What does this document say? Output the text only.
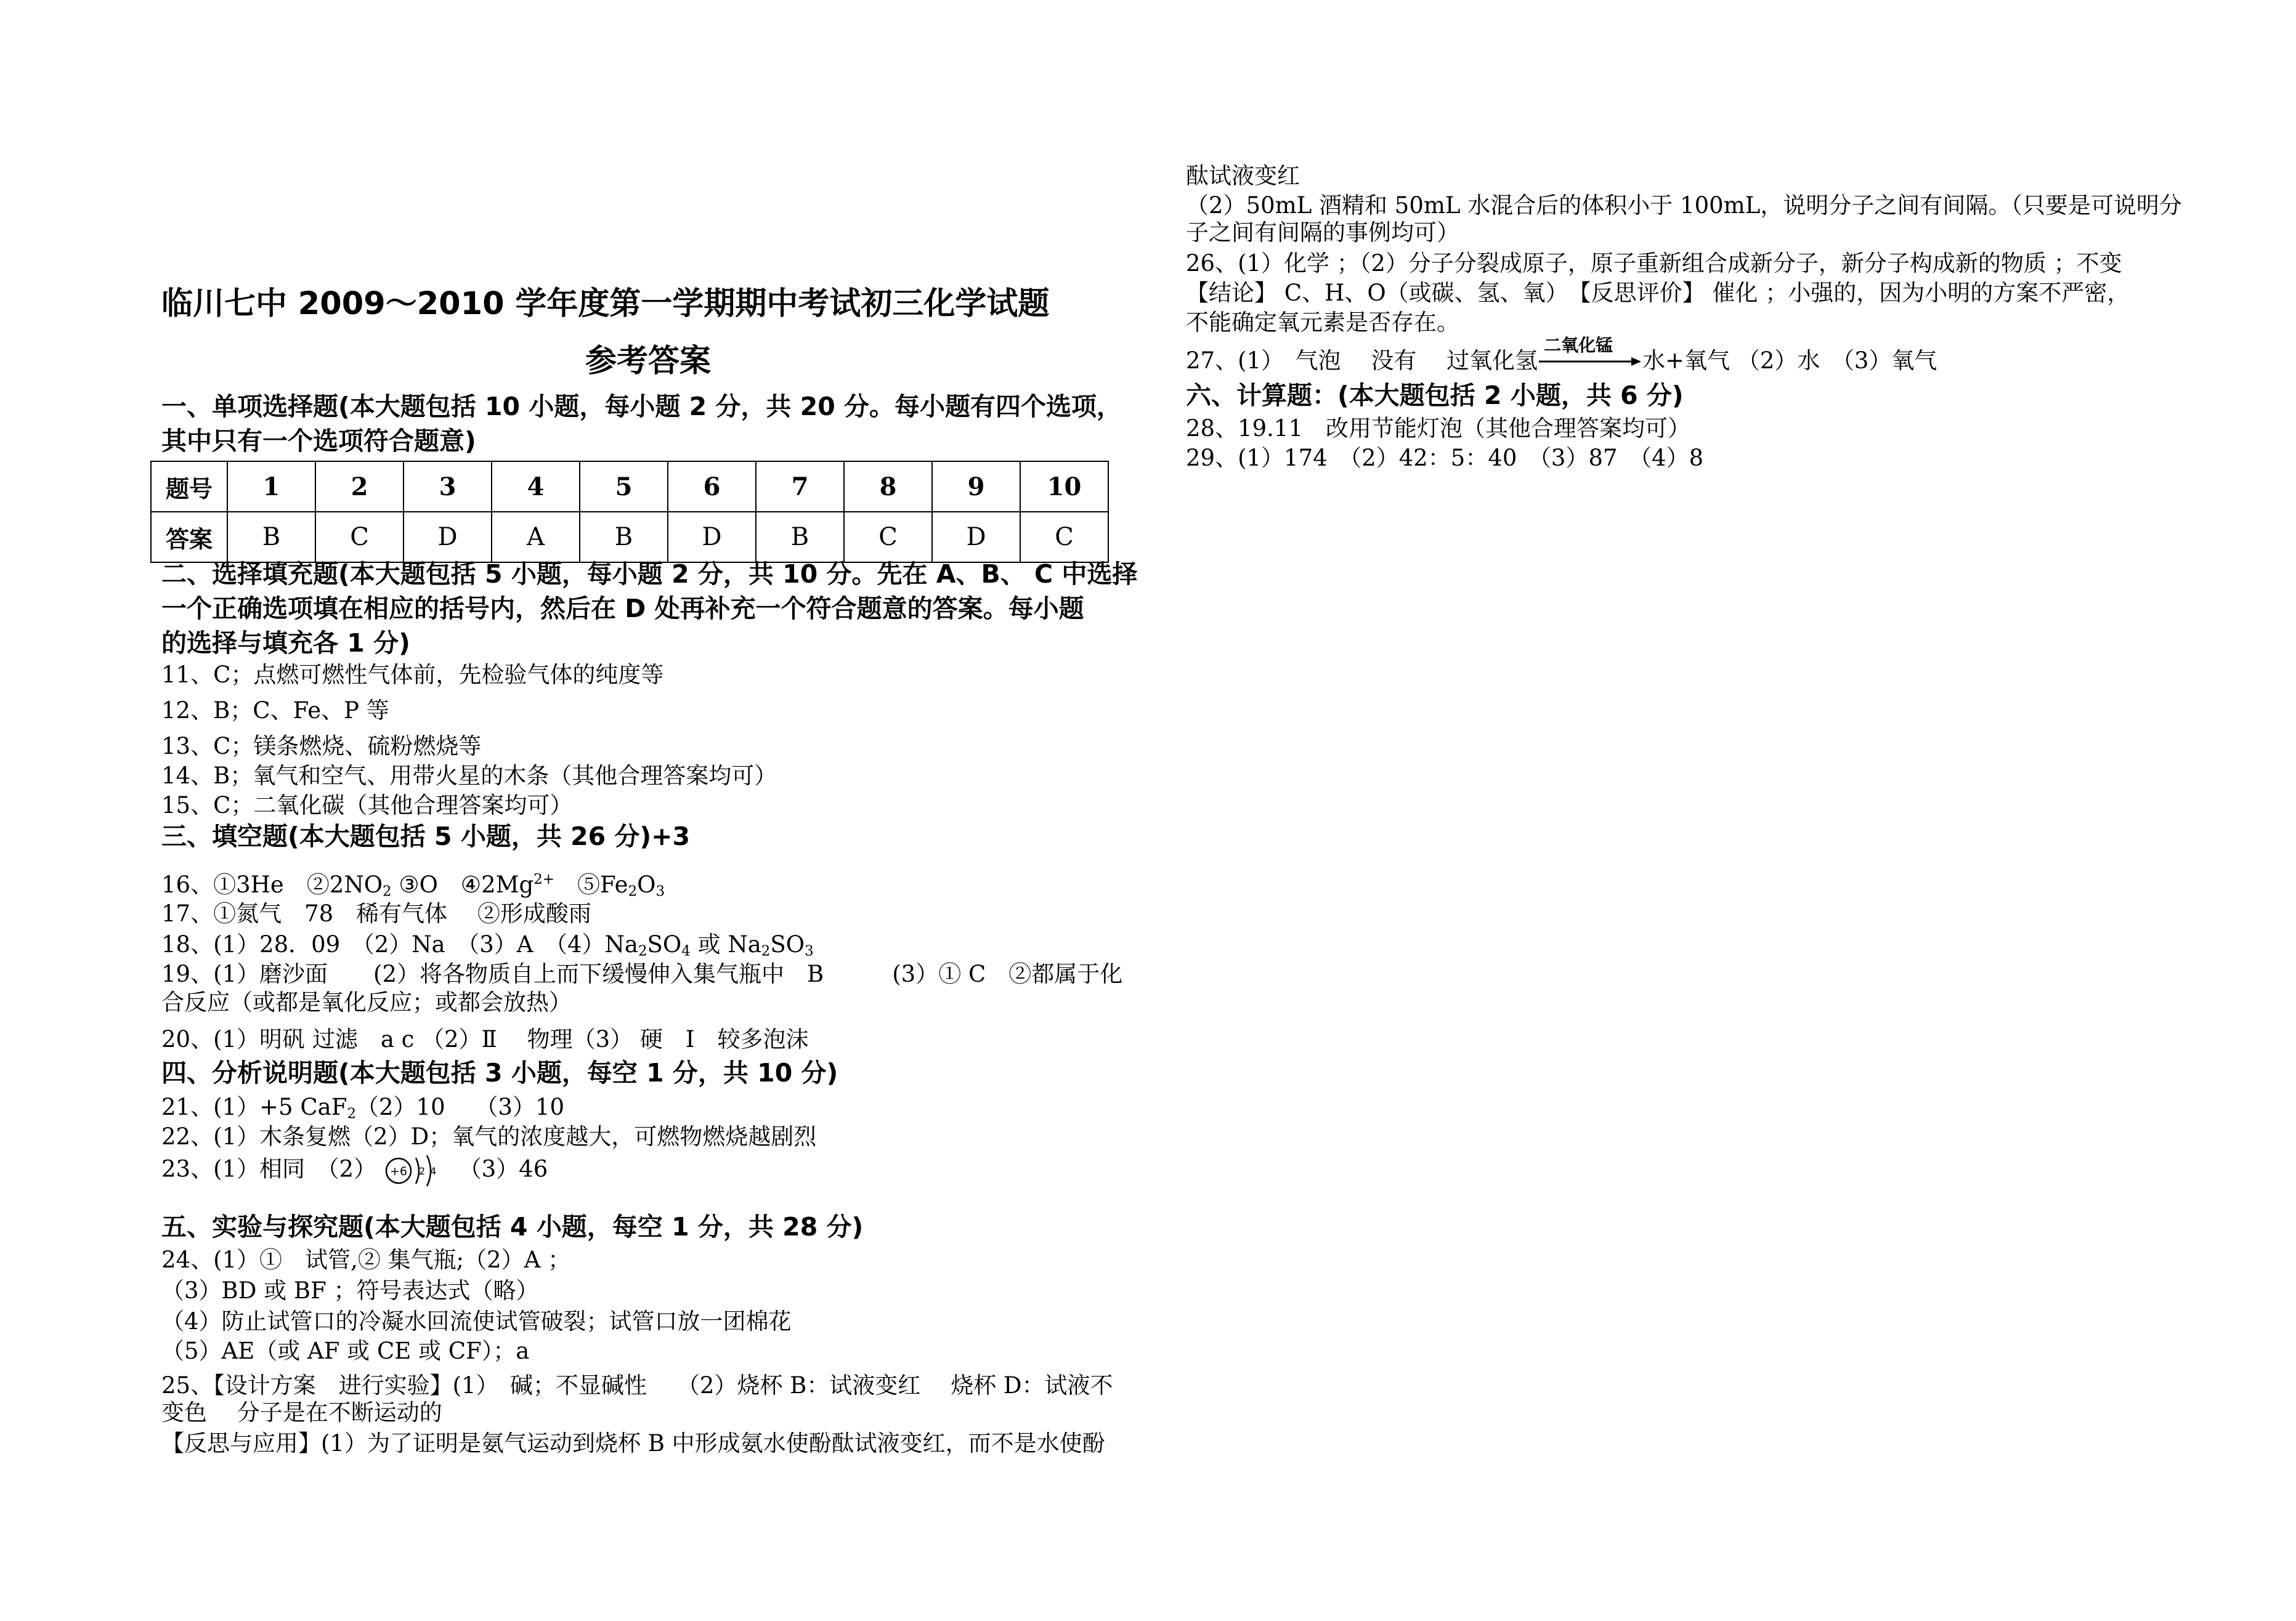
临川七中 2009～2010 学年度第一学期期中考试初三化学试题
参考答案
一、单项选择题(本大题包括 10 小题，每小题 2 分，共 20 分。每小题有四个选项，
其中只有一个选项符合题意)
题号	1	2	3	4	5	6	7	8	9	10
答案	B	C	D	A	B	D	B	C	D	C
二、选择填充题(本大题包括 5 小题，每小题 2 分，共 10 分。先在 A、B、 C 中选择
一个正确选项填在相应的括号内，然后在 D 处再补充一个符合题意的答案。每小题
的选择与填充各 1 分)
11、C；点燃可燃性气体前，先检验气体的纯度等
12、B；C、Fe、P 等
13、C；镁条燃烧、硫粉燃烧等
14、B；氧气和空气、用带火星的木条（其他合理答案均可）
15、C；二氧化碳（其他合理答案均可）
三、填空题(本大题包括 5 小题，共 26 分)+3
16、①3He　$②2NO_2$ ③O　$④2Mg^{2+}$　$⑤Fe_2O_3$
17、①氮气　78　稀有气体　 ②形成酸雨
18、(1）28．09　（2）Na　（3）A　$(4)Na_2SO_4$ 或 $Na_2SO_3$
19、(1）磨沙面　　(2）将各物质自上而下缓慢伸入集气瓶中　B　　　(3）① C　②都属于化
合反应（或都是氧化反应；或都会放热）
20、(1）明矾 过滤　a c （2）Ⅱ　 物理（3） 硬　Ⅰ　较多泡沫
四、分析说明题(本大题包括 3 小题，每空 1 分，共 10 分)
21、(1）+5 CaF$_2$（2）10　 （3）10
22、(1）木条复燃（2）D；氧气的浓度越大，可燃物燃烧越剧烈
23、(1）相同　（2） +6 2 4 （3）46
五、实验与探究题(本大题包括 4 小题，每空 1 分，共 28 分)
24、(1）①　试管,② 集气瓶;（2）A ；
（3）BD 或 BF ；符号表达式（略）
（4）防止试管口的冷凝水回流使试管破裂；试管口放一团棉花
（5）AE（或 AF 或 CE 或 CF）；a
25、【设计方案　进行实验】(1）　碱；不显碱性　 （2）烧杯 B：试液变红　 烧杯 D：试液不
变色　 分子是在不断运动的
【反思与应用】(1）为了证明是氨气运动到烧杯 B 中形成氨水使酚酞试液变红，而不是水使酚
酞试液变红
（2）50mL 酒精和 50mL 水混合后的体积小于 100mL，说明分子之间有间隔。（只要是可说明分
子之间有间隔的事例均可）
26、(1）化学 ；（2）分子分裂成原子，原子重新组合成新分子，新分子构成新的物质 ；不变
【结论】 C、H、O（或碳、氢、氧）　【反思评价】 催化 ；小强的，因为小明的方案不严密，
不能确定氧元素是否存在。
27、(1）　气泡　 没有　 过氧化氢
二氧化锰
水+氧气 （2）水　（3）氧气
六、计算题：(本大题包括 2 小题，共 6 分)
28、19.11　改用节能灯泡（其他合理答案均可）
29、(1）174　（2）42：5：40　（3）87　（4）8
